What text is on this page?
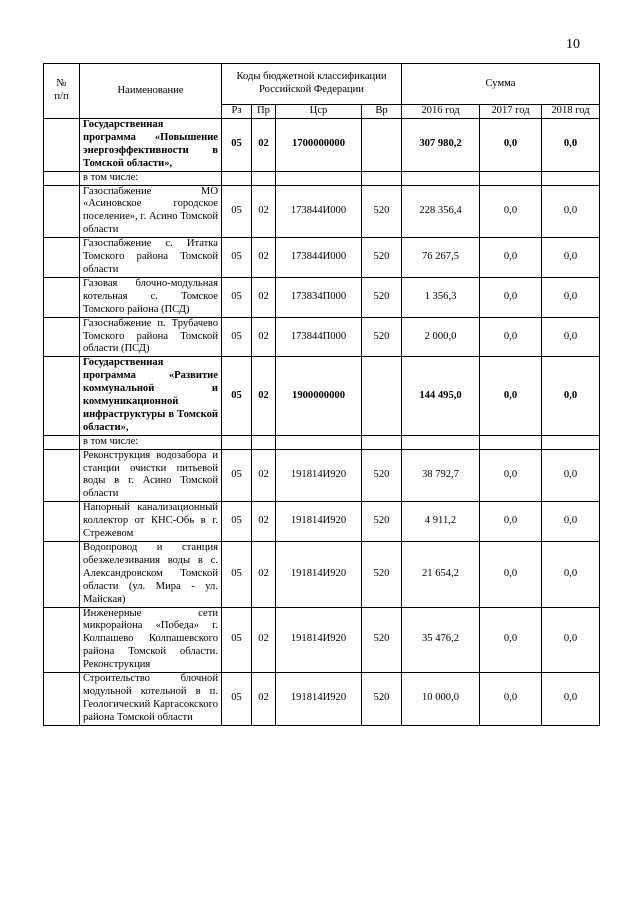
10
№
п/п	Наименование	Коды бюджетной классификации Российской Федерации				Сумма		
		Рз	Пр	Цср	Вр	2016 год	2017 год	2018 год
	Государственная программа «Повышение энергоэффективности в Томской области»,	05	02	1700000000		307 980,2	0,0	0,0
	в том числе:							
	Газоспабжение МО «Асиновское городское поселение», г. Асино Томской области	05	02	173844И000	520	228 356,4	0,0	0,0
	Газоспабжение с. Итатка Томского района Томской области	05	02	173844И000	520	76 267,5	0,0	0,0
	Газовая блочно-модульная котельная с. Томское Томского района (ПСД)	05	02	173834П000	520	1 356,3	0,0	0,0
	Газоснабжение п. Трубачево Томского района Томской области (ПСД)	05	02	173844П000	520	2 000,0	0,0	0,0
	Государственная программа «Развитие коммунальной и коммуникационной инфраструктуры в Томской области»,	05	02	1900000000		144 495,0	0,0	0,0
	в том числе:							
	Реконструкция водозабора и станции очистки питьевой воды в г. Асино Томской области	05	02	191814И920	520	38 792,7	0,0	0,0
	Напорный канализационный коллектор от КНС-Обь в г. Стрежевом	05	02	191814И920	520	4 911,2	0,0	0,0
	Водопровод и станция обезжелезивания воды в с. Александровском Томской области (ул. Мира - ул. Майская)	05	02	191814И920	520	21 654,2	0,0	0,0
	Инженерные сети микрорайона «Победа» г. Колпашево Колпашевского района Томской области. Реконструкция	05	02	191814И920	520	35 476,2	0,0	0,0
	Строительство блочной модульной котельной в п. Геологический Каргасокского района Томской области	05	02	191814И920	520	10 000,0	0,0	0,0
